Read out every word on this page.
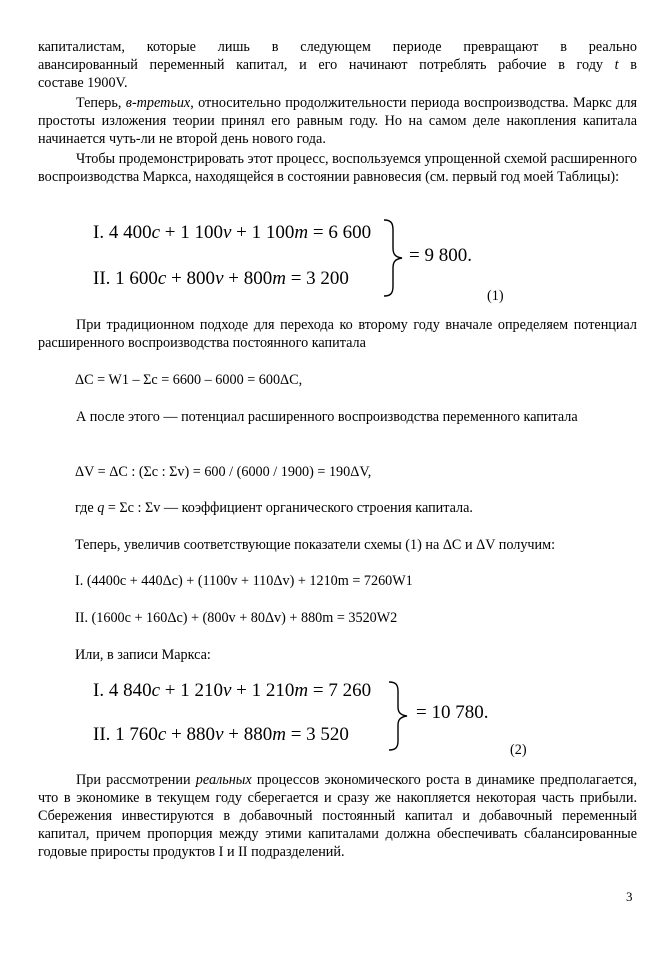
капиталистам, которые лишь в следующем периоде превращают в реально

авансированный переменный капитал, и его начинают потреблять рабочие в году t в

составе 1900V.

Теперь, в-третьих, относительно продолжительности периода воспроизводства. Маркс для простоты изложения теории принял его равным году. Но на самом деле накопления капитала начинается чуть-ли не второй день нового года.

Чтобы продемонстрировать этот процесс, воспользуемся упрощенной схемой расширенного воспроизводства Маркса, находящейся в состоянии равновесия (см. первый год моей Таблицы):

I. 4 400c + 1 100v + 1 100m = 6 600
II. 1 600c + 800v + 800m = 3 200
= 9 800.
(1)

При традиционном подходе для перехода ко второму году вначале определяем потенциал расширенного воспроизводства постоянного капитала

ΔC = W1 – Σc = 6600 – 6000 = 600ΔC,

А после этого — потенциал расширенного воспроизводства переменного капитала

ΔV = ΔC : (Σc : Σv) = 600 / (6000 / 1900) = 190ΔV,

где q = Σc : Σv — коэффициент органического строения капитала.

Теперь, увеличив соответствующие показатели схемы (1) на ΔC и ΔV получим:

I. (4400c + 440Δc) + (1100v + 110Δv) + 1210m = 7260W1

II. (1600c + 160Δc) + (800v + 80Δv) + 880m = 3520W2

Или, в записи Маркса:

I. 4 840c + 1 210v + 1 210m = 7 260
II. 1 760c + 880v + 880m = 3 520
= 10 780.
(2)

При рассмотрении реальных процессов экономического роста в динамике предполагается, что в экономике в текущем году сберегается и сразу же накопляется некоторая часть прибыли. Сбережения инвестируются в добавочный постоянный капитал и добавочный переменный капитал, причем пропорция между этими капиталами должна обеспечивать сбалансированные годовые приросты продуктов I и II подразделений.

3
